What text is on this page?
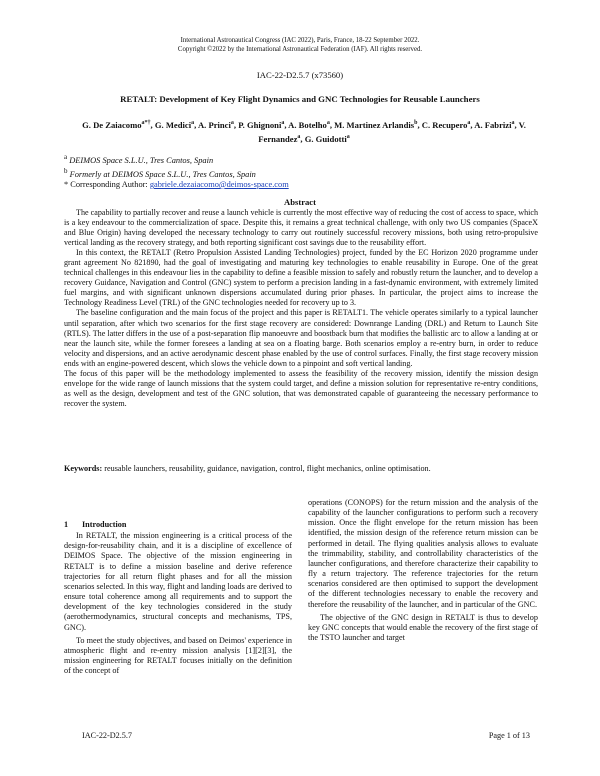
International Astronautical Congress (IAC 2022), Paris, France, 18-22 September 2022.
Copyright ©2022 by the International Astronautical Federation (IAF). All rights reserved.
IAC-22-D2.5.7 (x73560)
RETALT: Development of Key Flight Dynamics and GNC Technologies for Reusable Launchers
G. De Zaiacomo$^{a*\dagger}$, G. Medici$^a$, A. Princi$^a$, P. Ghignoni$^a$, A. Botelho$^a$, M. Martinez Arlandis$^b$, C. Recupero$^a$, A. Fabrizi$^a$, V. Fernandez$^a$, G. Guidotti$^a$
$^a$ DEIMOS Space S.L.U., Tres Cantos, Spain
$^b$ Formerly at DEIMOS Space S.L.U., Tres Cantos, Spain
* Corresponding Author: gabriele.dezaiacomo@deimos-space.com
Abstract

The capability to partially recover and reuse a launch vehicle is currently the most effective way of reducing the cost of access to space, which is a key endeavour to the commercialization of space. Despite this, it remains a great technical challenge, with only two US companies (SpaceX and Blue Origin) having developed the necessary technology to carry out routinely successful recovery missions, both using retro-propulsive vertical landing as the recovery strategy, and both reporting significant cost savings due to the reusability effort.

In this context, the RETALT (Retro Propulsion Assisted Landing Technologies) project, funded by the EC Horizon 2020 programme under grant agreement No 821890, had the goal of investigating and maturing key technologies to enable reusability in Europe. One of the great technical challenges in this endeavour lies in the capability to define a feasible mission to safely and robustly return the launcher, and to develop a recovery Guidance, Navigation and Control (GNC) system to perform a precision landing in a fast-dynamic environment, with extremely limited fuel margins, and with significant unknown dispersions accumulated during prior phases. In particular, the project aims to increase the Technology Readiness Level (TRL) of the GNC technologies needed for recovery up to 3.

The baseline configuration and the main focus of the project and this paper is RETALT1. The vehicle operates similarly to a typical launcher until separation, after which two scenarios for the first stage recovery are considered: Downrange Landing (DRL) and Return to Launch Site (RTLS). The latter differs in the use of a post-separation flip manoeuvre and boostback burn that modifies the ballistic arc to allow a landing at or near the launch site, while the former foresees a landing at sea on a floating barge. Both scenarios employ a re-entry burn, in order to reduce velocity and dispersions, and an active aerodynamic descent phase enabled by the use of control surfaces. Finally, the first stage recovery mission ends with an engine-powered descent, which slows the vehicle down to a pinpoint and soft vertical landing.

The focus of this paper will be the methodology implemented to assess the feasibility of the recovery mission, identify the mission design envelope for the wide range of launch missions that the system could target, and define a mission solution for representative re-entry conditions, as well as the design, development and test of the GNC solution, that was demonstrated capable of guaranteeing the necessary performance to recover the system.

Keywords: reusable launchers, reusability, guidance, navigation, control, flight mechanics, online optimisation.
1 Introduction

In RETALT, the mission engineering is a critical process of the design-for-reusability chain, and it is a discipline of excellence of DEIMOS Space. The objective of the mission engineering in RETALT is to define a mission baseline and derive reference trajectories for all return flight phases and for all the mission scenarios selected. In this way, flight and landing loads are derived to ensure total coherence among all requirements and to support the development of the key technologies considered in the study (aerothermodynamics, structural concepts and mechanisms, TPS, GNC).

To meet the study objectives, and based on Deimos' experience in atmospheric flight and re-entry mission analysis [1][2][3], the mission engineering for RETALT focuses initially on the definition of the concept of

operations (CONOPS) for the return mission and the analysis of the capability of the launcher configurations to perform such a recovery mission. Once the flight envelope for the return mission has been identified, the mission design of the reference return mission can be performed in detail. The flying qualities analysis allows to evaluate the trimmability, stability, and controllability characteristics of the launcher configurations, and therefore characterize their capability to fly a return trajectory. The reference trajectories for the return scenarios considered are then optimised to support the development of the different technologies necessary to enable the recovery and therefore the reusability of the launcher, and in particular of the GNC.

The objective of the GNC design in RETALT is thus to develop key GNC concepts that would enable the recovery of the first stage of the TSTO launcher and target

IAC-22-D2.5.7	Page 1 of 13
